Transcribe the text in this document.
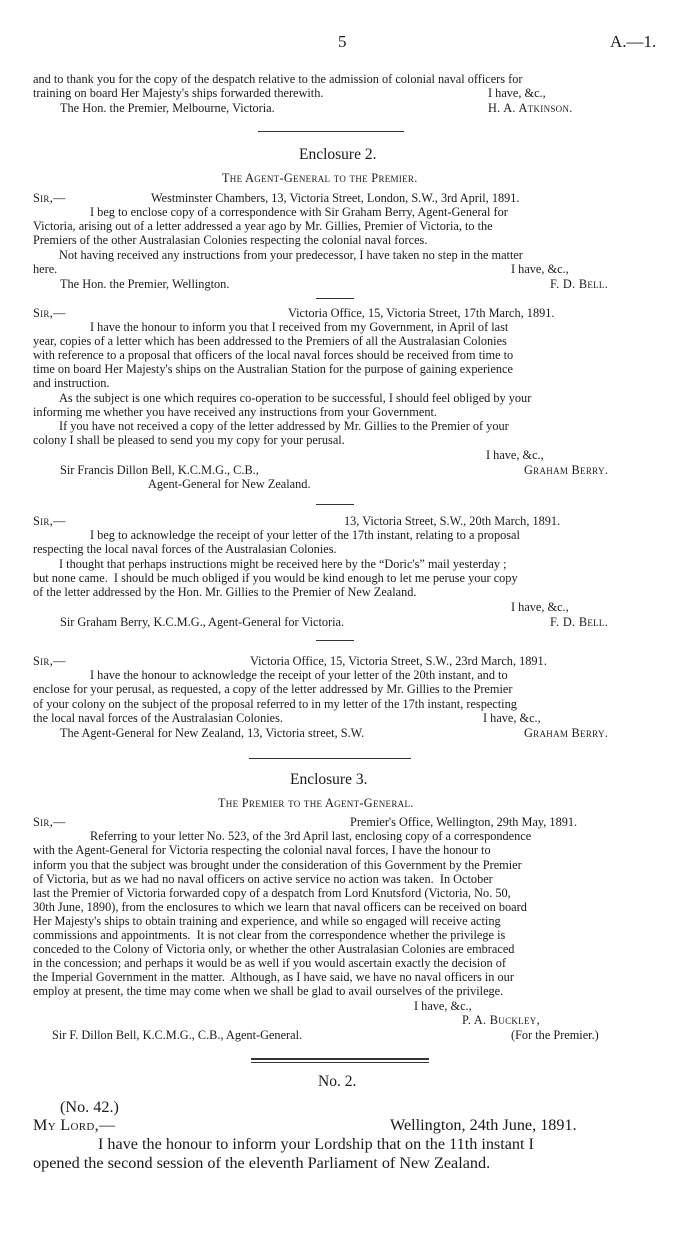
5	A.—1.
and to thank you for the copy of the despatch relative to the admission of colonial naval officers for
training on board Her Majesty's ships forwarded therewith.	I have, &c.,
The Hon. the Premier, Melbourne, Victoria.	H. A. Atkinson.
Enclosure 2.
The Agent-General to the Premier.
Sir,—	Westminster Chambers, 13, Victoria Street, London, S.W., 3rd April, 1891.
I beg to enclose copy of a correspondence with Sir Graham Berry, Agent-General for
Victoria, arising out of a letter addressed a year ago by Mr. Gillies, Premier of Victoria, to the
Premiers of the other Australasian Colonies respecting the colonial naval forces.
Not having received any instructions from your predecessor, I have taken no step in the matter
here.	I have, &c.,
The Hon. the Premier, Wellington.	F. D. Bell.
Sir,—	Victoria Office, 15, Victoria Street, 17th March, 1891.
I have the honour to inform you that I received from my Government, in April of last
year, copies of a letter which has been addressed to the Premiers of all the Australasian Colonies
with reference to a proposal that officers of the local naval forces should be received from time to
time on board Her Majesty's ships on the Australian Station for the purpose of gaining experience
and instruction.
As the subject is one which requires co-operation to be successful, I should feel obliged by your
informing me whether you have received any instructions from your Government.
If you have not received a copy of the letter addressed by Mr. Gillies to the Premier of your
colony I shall be pleased to send you my copy for your perusal.
I have, &c.,
Sir Francis Dillon Bell, K.C.M.G., C.B.,	Graham Berry.
Agent-General for New Zealand.
Sir,—	13, Victoria Street, S.W., 20th March, 1891.
I beg to acknowledge the receipt of your letter of the 17th instant, relating to a proposal
respecting the local naval forces of the Australasian Colonies.
I thought that perhaps instructions might be received here by the “Doric's” mail yesterday ;
but none came.  I should be much obliged if you would be kind enough to let me peruse your copy
of the letter addressed by the Hon. Mr. Gillies to the Premier of New Zealand.
I have, &c.,
Sir Graham Berry, K.C.M.G., Agent-General for Victoria.	F. D. Bell.
Sir,—	Victoria Office, 15, Victoria Street, S.W., 23rd March, 1891.
I have the honour to acknowledge the receipt of your letter of the 20th instant, and to
enclose for your perusal, as requested, a copy of the letter addressed by Mr. Gillies to the Premier
of your colony on the subject of the proposal referred to in my letter of the 17th instant, respecting
the local naval forces of the Australasian Colonies.	I have, &c.,
The Agent-General for New Zealand, 13, Victoria street, S.W.	Graham Berry.
Enclosure 3.
The Premier to the Agent-General.
Sir,—	Premier's Office, Wellington, 29th May, 1891.
Referring to your letter No. 523, of the 3rd April last, enclosing copy of a correspondence
with the Agent-General for Victoria respecting the colonial naval forces, I have the honour to
inform you that the subject was brought under the consideration of this Government by the Premier
of Victoria, but as we had no naval officers on active service no action was taken.  In October
last the Premier of Victoria forwarded copy of a despatch from Lord Knutsford (Victoria, No. 50,
30th June, 1890), from the enclosures to which we learn that naval officers can be received on board
Her Majesty's ships to obtain training and experience, and while so engaged will receive acting
commissions and appointments.  It is not clear from the correspondence whether the privilege is
conceded to the Colony of Victoria only, or whether the other Australasian Colonies are embraced
in the concession; and perhaps it would be as well if you would ascertain exactly the decision of
the Imperial Government in the matter.  Although, as I have said, we have no naval officers in our
employ at present, the time may come when we shall be glad to avail ourselves of the privilege.
I have, &c.,
P. A. Buckley,
Sir F. Dillon Bell, K.C.M.G., C.B., Agent-General.	(For the Premier.)
No. 2.
(No. 42.)
My Lord,—	Wellington, 24th June, 1891.
I have the honour to inform your Lordship that on the 11th instant I
opened the second session of the eleventh Parliament of New Zealand.
